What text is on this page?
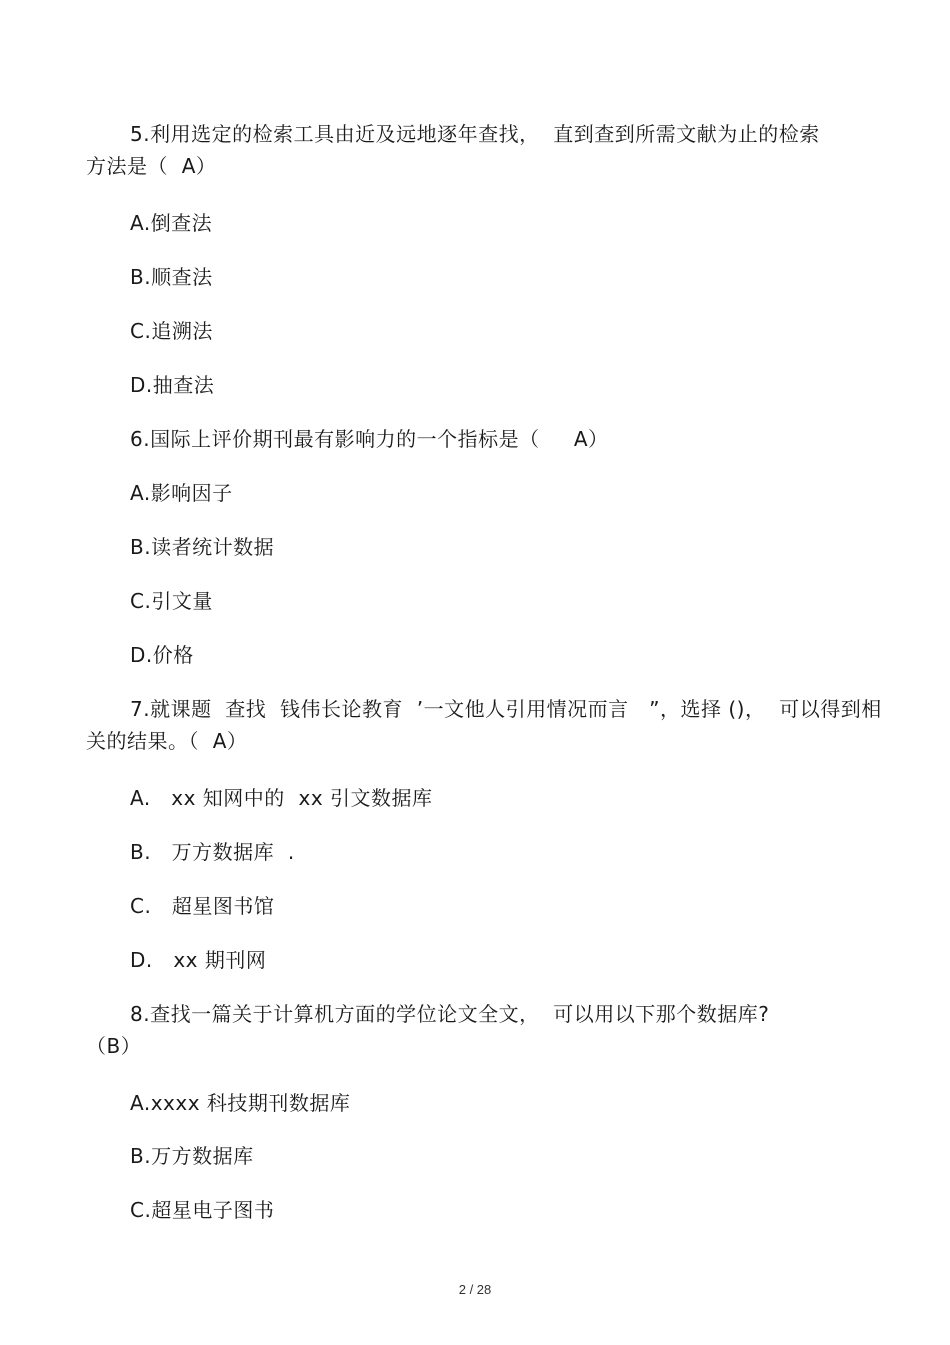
5.利用选定的检索工具由近及远地逐年查找，  直到查到所需文献为止的检索
方法是（  A）
A.倒查法
B.顺查法
C.追溯法
D.抽查法
6.国际上评价期刊最有影响力的一个指标是（     A）
A.影响因子
B.读者统计数据
C.引文量
D.价格
7.就课题  查找  钱伟长论教育  ’一文他人引用情况而言   ”，选择 ()，  可以得到相
关的结果。（  A）
A.   xx 知网中的  xx 引文数据库
B.   万方数据库  .
C.   超星图书馆
D.   xx 期刊网
8.查找一篇关于计算机方面的学位论文全文，  可以用以下那个数据库?
（B）
A.xxxx 科技期刊数据库
B.万方数据库
C.超星电子图书
2 / 28
